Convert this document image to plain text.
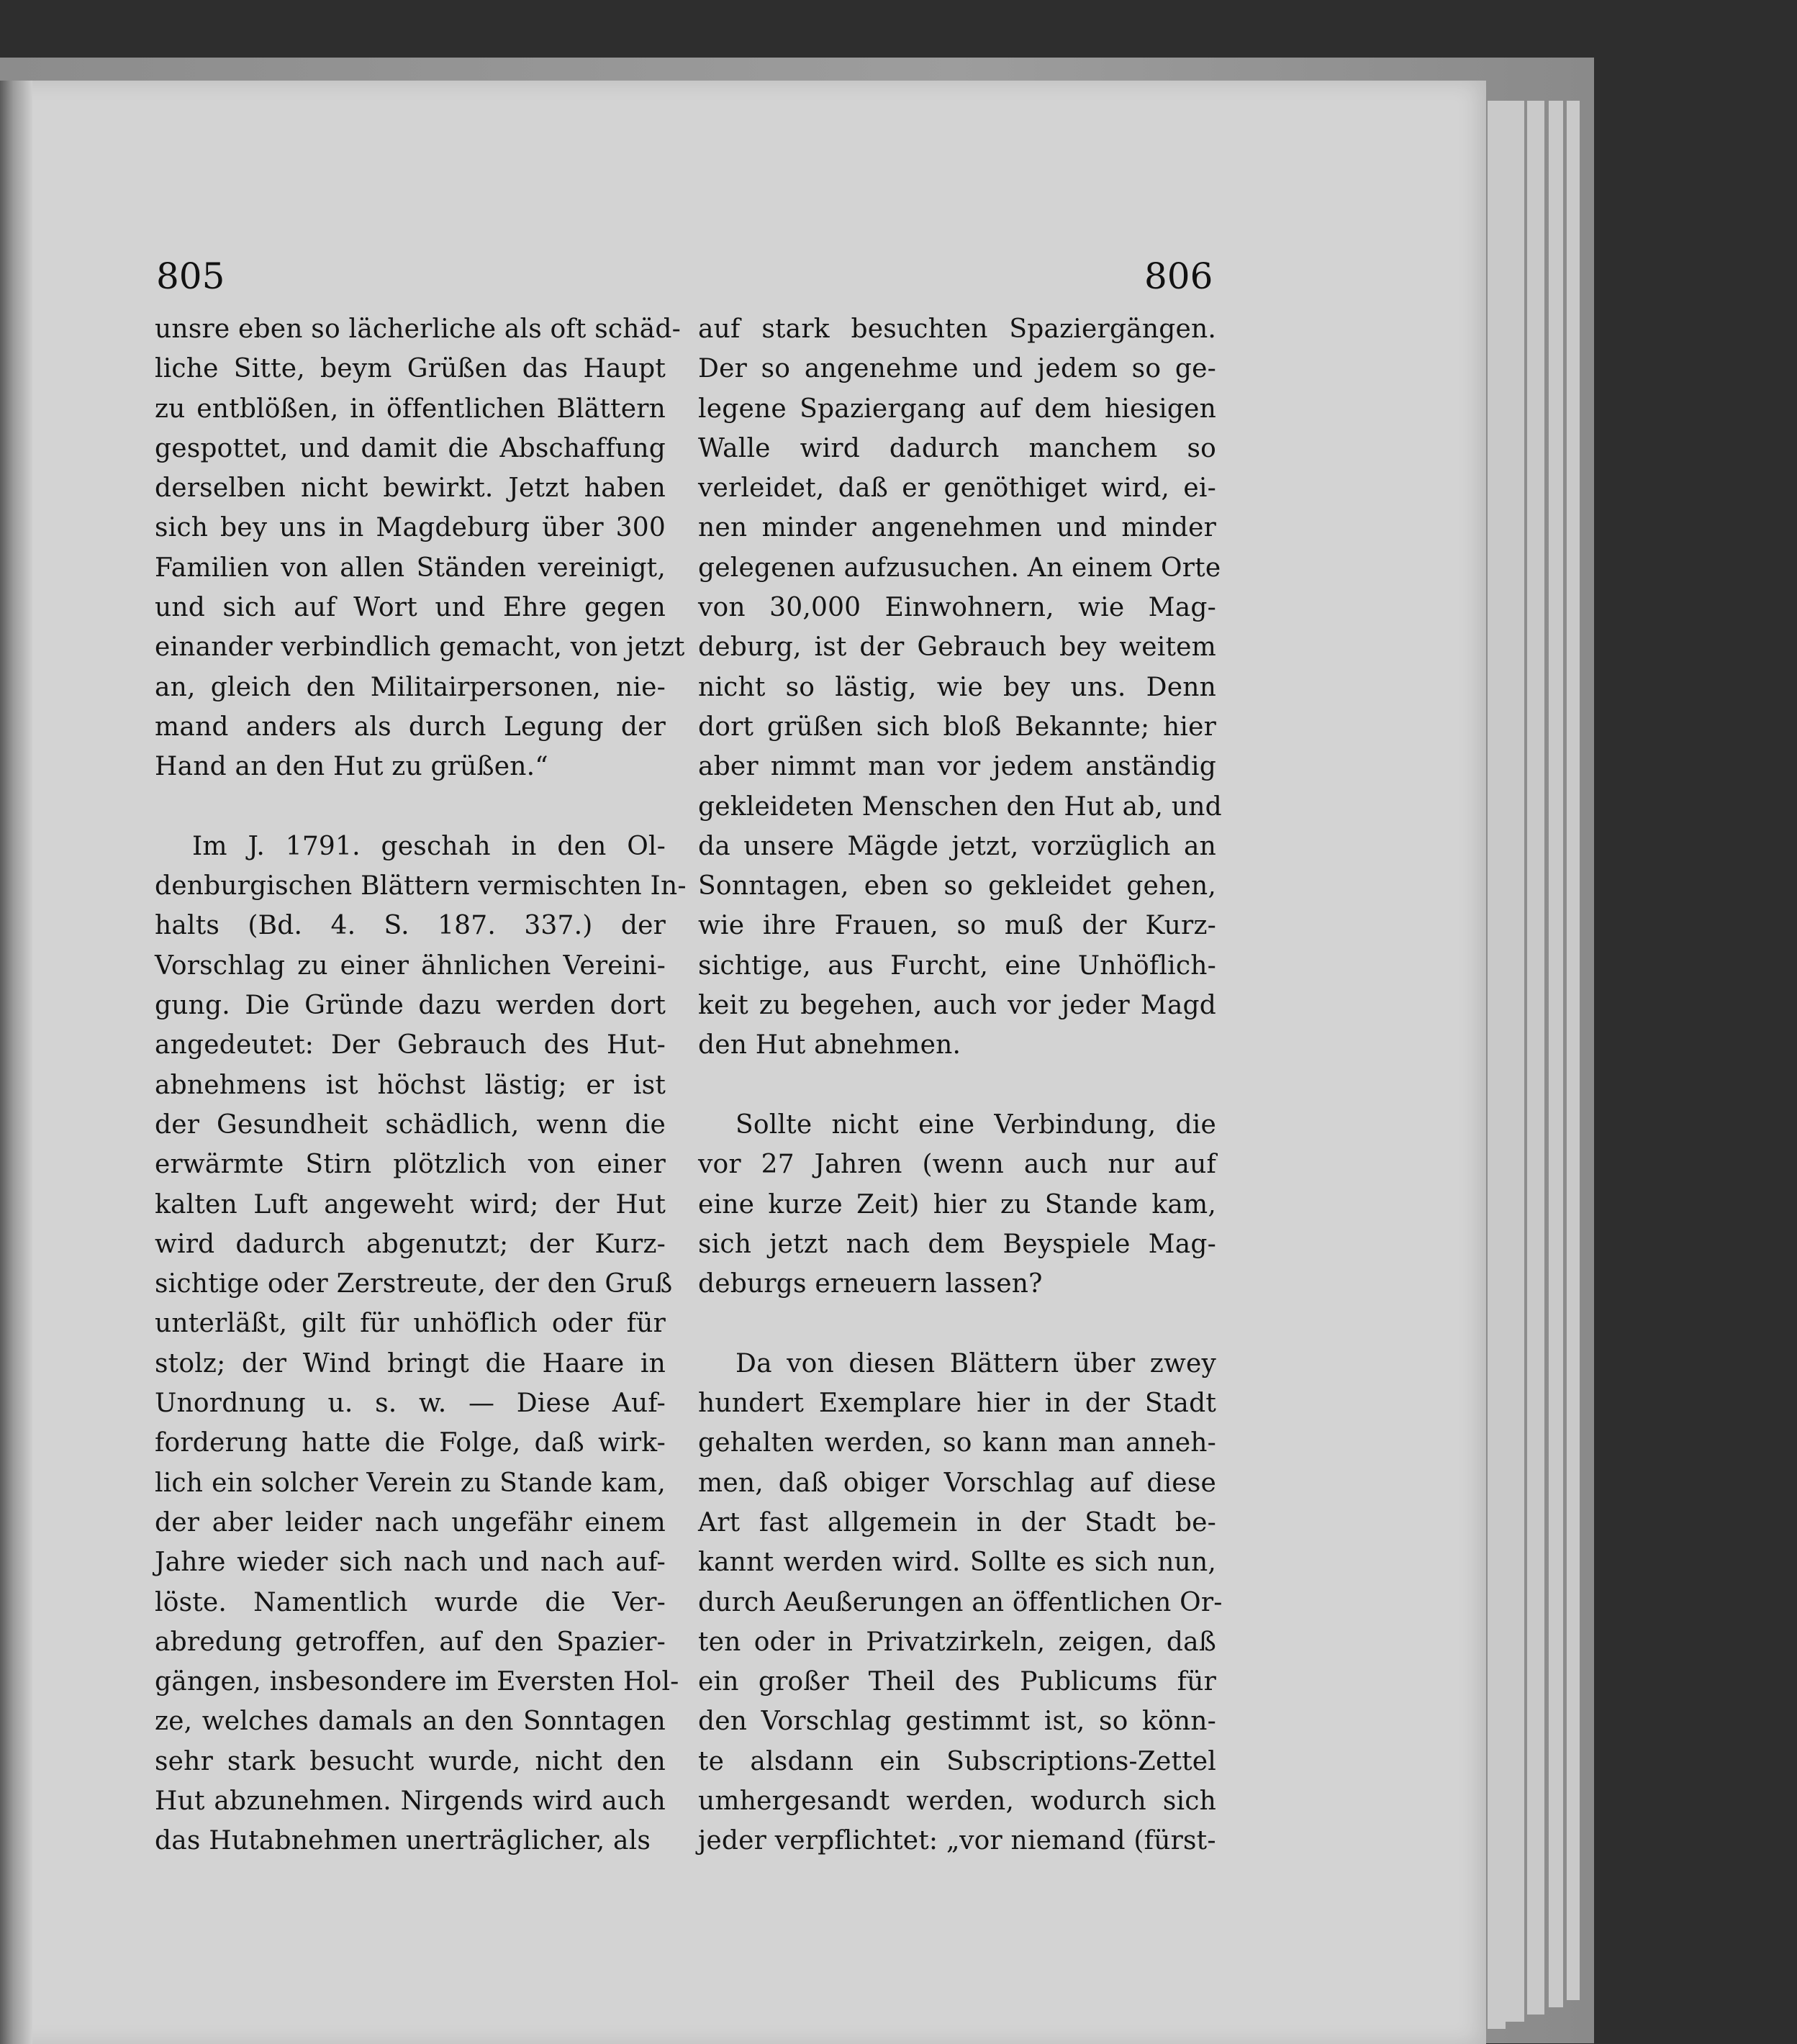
805	806
unsre eben so lächerliche als oft schäd-
liche Sitte, beym Grüßen das Haupt
zu entblößen, in öffentlichen Blättern
gespottet, und damit die Abschaffung
derselben nicht bewirkt. Jetzt haben
sich bey uns in Magdeburg über 300
Familien von allen Ständen vereinigt,
und sich auf Wort und Ehre gegen
einander verbindlich gemacht, von jetzt
an, gleich den Militairpersonen, nie-
mand anders als durch Legung der
Hand an den Hut zu grüßen.“
Im J. 1791. geschah in den Ol-
denburgischen Blättern vermischten In-
halts (Bd. 4. S. 187. 337.) der
Vorschlag zu einer ähnlichen Vereini-
gung. Die Gründe dazu werden dort
angedeutet: Der Gebrauch des Hut-
abnehmens ist höchst lästig; er ist
der Gesundheit schädlich, wenn die
erwärmte Stirn plötzlich von einer
kalten Luft angeweht wird; der Hut
wird dadurch abgenutzt; der Kurz-
sichtige oder Zerstreute, der den Gruß
unterläßt, gilt für unhöflich oder für
stolz; der Wind bringt die Haare in
Unordnung u. s. w. — Diese Auf-
forderung hatte die Folge, daß wirk-
lich ein solcher Verein zu Stande kam,
der aber leider nach ungefähr einem
Jahre wieder sich nach und nach auf-
löste. Namentlich wurde die Ver-
abredung getroffen, auf den Spazier-
gängen, insbesondere im Eversten Hol-
ze, welches damals an den Sonntagen
sehr stark besucht wurde, nicht den
Hut abzunehmen. Nirgends wird auch
das Hutabnehmen unerträglicher, als
auf stark besuchten Spaziergängen.
Der so angenehme und jedem so ge-
legene Spaziergang auf dem hiesigen
Walle wird dadurch manchem so
verleidet, daß er genöthiget wird, ei-
nen minder angenehmen und minder
gelegenen aufzusuchen. An einem Orte
von 30,000 Einwohnern, wie Mag-
deburg, ist der Gebrauch bey weitem
nicht so lästig, wie bey uns. Denn
dort grüßen sich bloß Bekannte; hier
aber nimmt man vor jedem anständig
gekleideten Menschen den Hut ab, und
da unsere Mägde jetzt, vorzüglich an
Sonntagen, eben so gekleidet gehen,
wie ihre Frauen, so muß der Kurz-
sichtige, aus Furcht, eine Unhöflich-
keit zu begehen, auch vor jeder Magd
den Hut abnehmen.
Sollte nicht eine Verbindung, die
vor 27 Jahren (wenn auch nur auf
eine kurze Zeit) hier zu Stande kam,
sich jetzt nach dem Beyspiele Mag-
deburgs erneuern lassen?
Da von diesen Blättern über zwey
hundert Exemplare hier in der Stadt
gehalten werden, so kann man anneh-
men, daß obiger Vorschlag auf diese
Art fast allgemein in der Stadt be-
kannt werden wird. Sollte es sich nun,
durch Aeußerungen an öffentlichen Or-
ten oder in Privatzirkeln, zeigen, daß
ein großer Theil des Publicums für
den Vorschlag gestimmt ist, so könn-
te alsdann ein Subscriptions-Zettel
umhergesandt werden, wodurch sich
jeder verpflichtet: „vor niemand (fürst-
